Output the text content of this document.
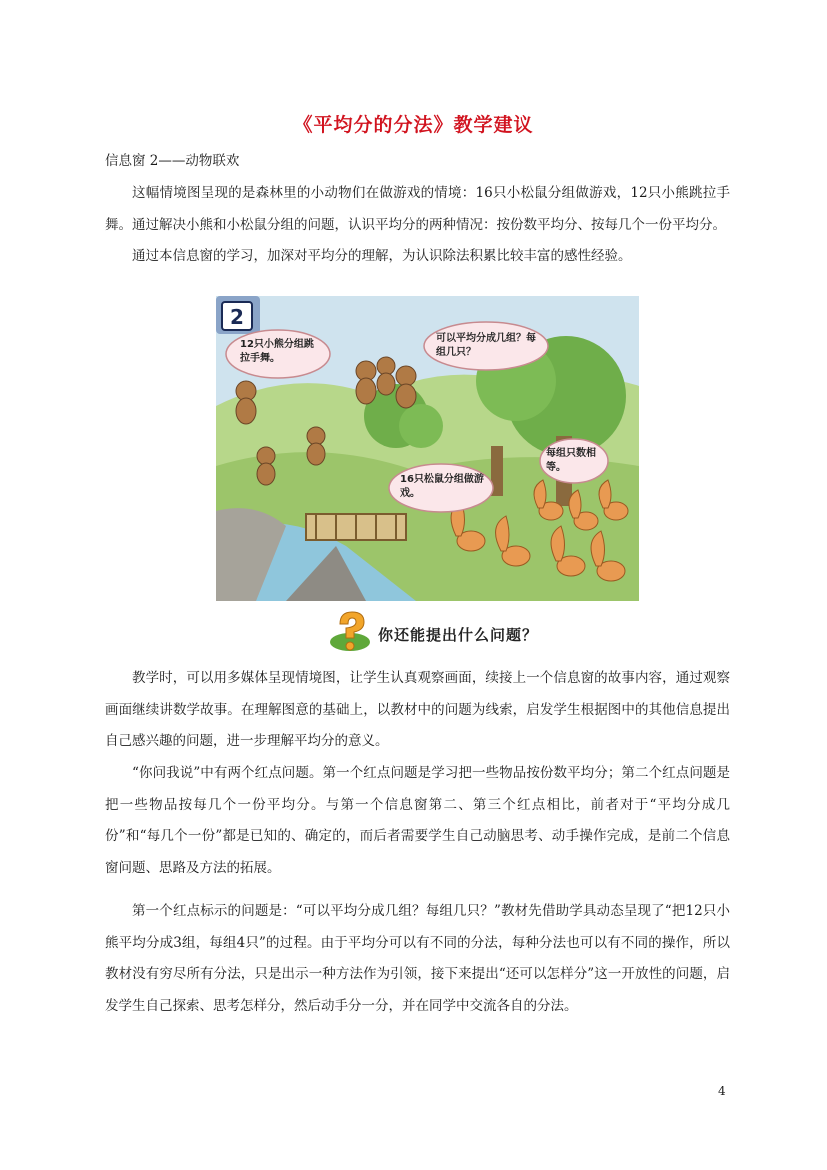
《平均分的分法》教学建议

信息窗 2——动物联欢

这幅情境图呈现的是森林里的小动物们在做游戏的情境：16只小松鼠分组做游戏，12只小熊跳拉手舞。通过解决小熊和小松鼠分组的问题，认识平均分的两种情况：按份数平均分、按每几个一份平均分。

通过本信息窗的学习，加深对平均分的理解，为认识除法积累比较丰富的感性经验。

2
12只小熊分组跳拉手舞。
可以平均分成几组？每组几只？
16只松鼠分组做游戏。
每组只数相等。
你还能提出什么问题？

教学时，可以用多媒体呈现情境图，让学生认真观察画面，续接上一个信息窗的故事内容，通过观察画面继续讲数学故事。在理解图意的基础上，以教材中的问题为线索，启发学生根据图中的其他信息提出自己感兴趣的问题，进一步理解平均分的意义。

“你问我说”中有两个红点问题。第一个红点问题是学习把一些物品按份数平均分；第二个红点问题是把一些物品按每几个一份平均分。与第一个信息窗第二、第三个红点相比，前者对于“平均分成几份”和“每几个一份”都是已知的、确定的，而后者需要学生自己动脑思考、动手操作完成，是前二个信息窗问题、思路及方法的拓展。

第一个红点标示的问题是：“可以平均分成几组？每组几只？”教材先借助学具动态呈现了“把12只小熊平均分成3组，每组4只”的过程。由于平均分可以有不同的分法，每种分法也可以有不同的操作，所以教材没有穷尽所有分法，只是出示一种方法作为引领，接下来提出“还可以怎样分”这一开放性的问题，启发学生自己探索、思考怎样分，然后动手分一分，并在同学中交流各自的分法。

4
